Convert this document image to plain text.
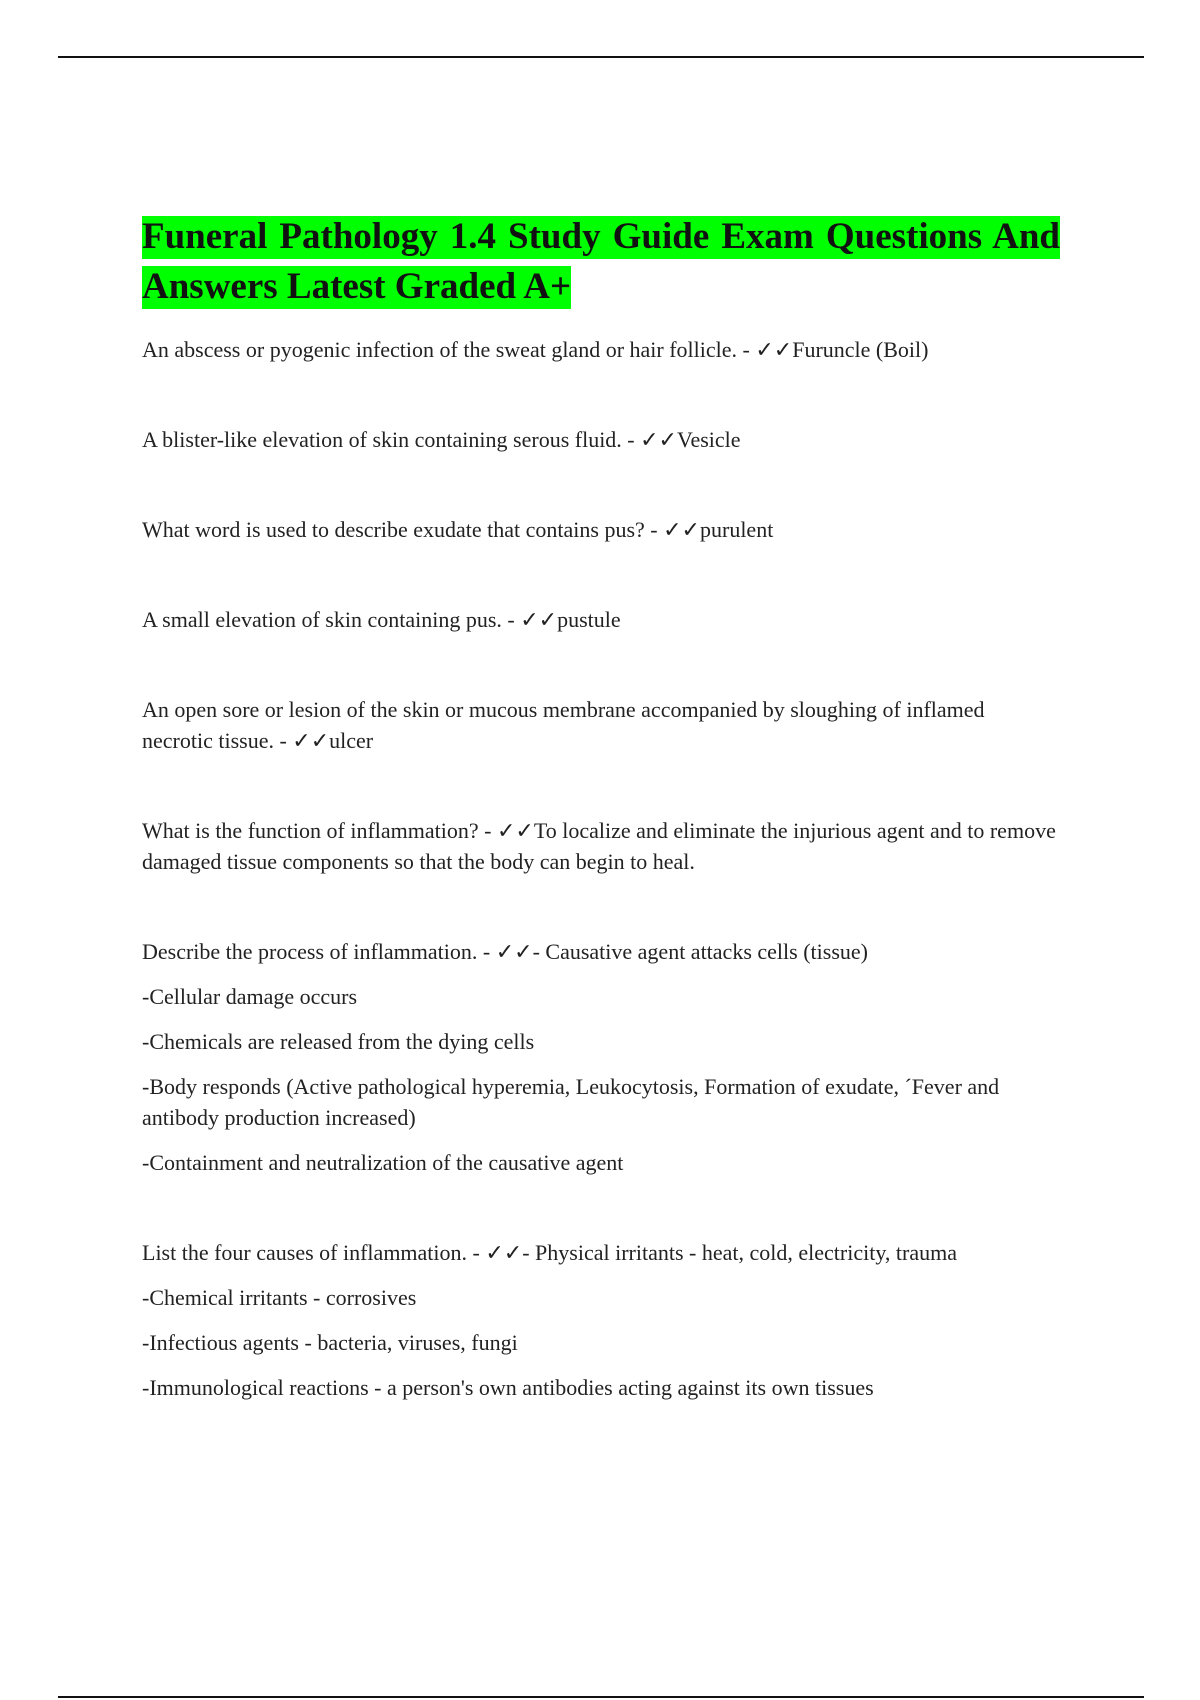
Funeral Pathology 1.4 Study Guide Exam Questions And Answers Latest Graded A+

An abscess or pyogenic infection of the sweat gland or hair follicle. - ✓✓Furuncle (Boil)

A blister-like elevation of skin containing serous fluid. - ✓✓Vesicle

What word is used to describe exudate that contains pus? - ✓✓purulent

A small elevation of skin containing pus. - ✓✓pustule

An open sore or lesion of the skin or mucous membrane accompanied by sloughing of inflamed necrotic tissue. - ✓✓ulcer

What is the function of inflammation? - ✓✓To localize and eliminate the injurious agent and to remove damaged tissue components so that the body can begin to heal.

Describe the process of inflammation. - ✓✓- Causative agent attacks cells (tissue)

-Cellular damage occurs

-Chemicals are released from the dying cells

-Body responds (Active pathological hyperemia, Leukocytosis, Formation of exudate, ´Fever and antibody production increased)

-Containment and neutralization of the causative agent

List the four causes of inflammation. - ✓✓- Physical irritants - heat, cold, electricity, trauma

-Chemical irritants - corrosives

-Infectious agents - bacteria, viruses, fungi

-Immunological reactions - a person's own antibodies acting against its own tissues
